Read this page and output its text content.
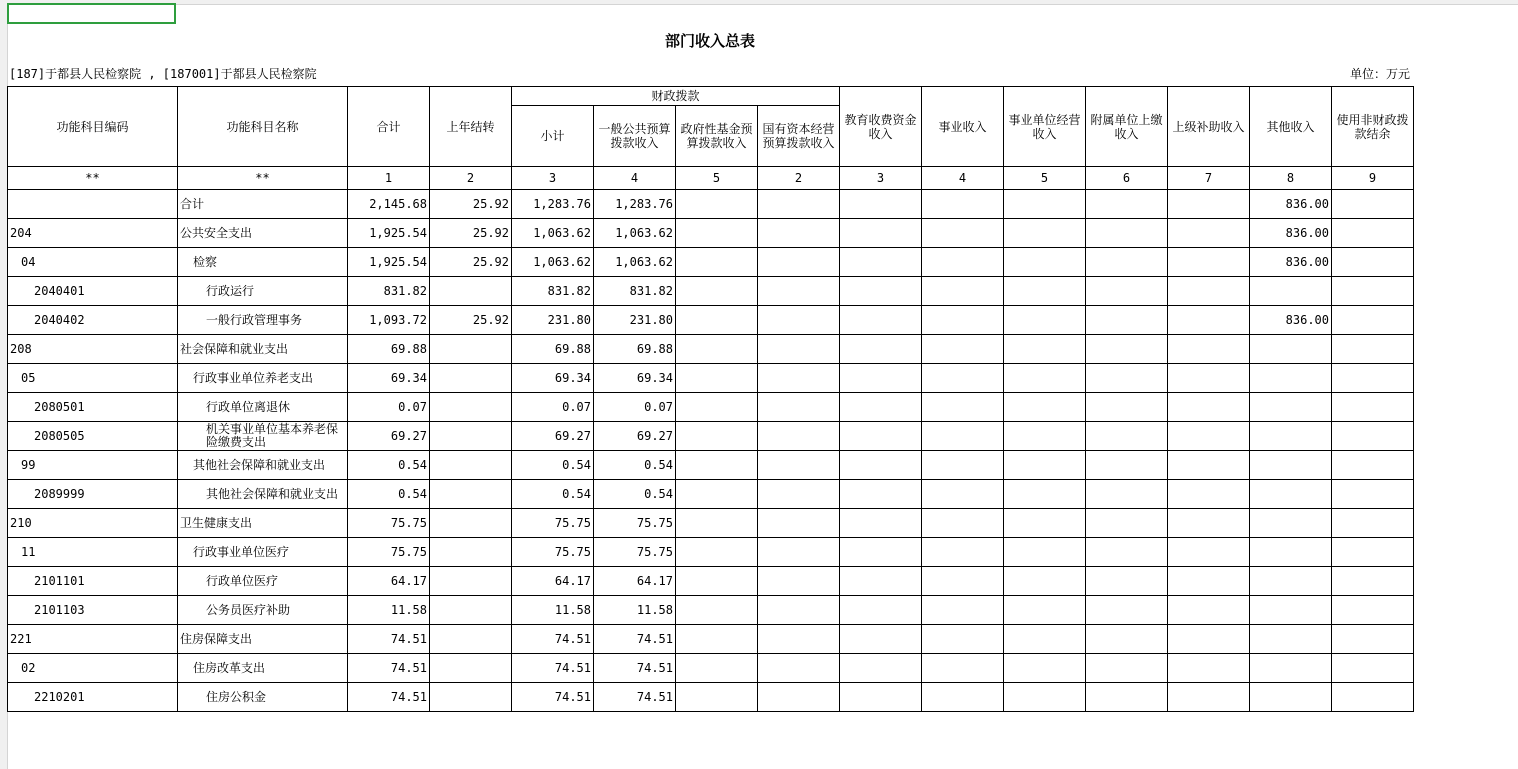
部门收入总表
[187]于都县人民检察院 , [187001]于都县人民检察院	单位：万元
功能科目编码	功能科目名称	合计	上年结转	财政拨款				教育收费资金收入	事业收入	事业单位经营收入	附属单位上缴收入	上级补助收入	其他收入	使用非财政拨款结余
				小计	一般公共预算拨款收入	政府性基金预算拨款收入	国有资本经营预算拨款收入							
**	**	1	2	3	4	5	2	3	4	5	6	7	8	9
	合计	2,145.68	25.92	1,283.76	1,283.76								836.00	
204	公共安全支出	1,925.54	25.92	1,063.62	1,063.62								836.00	
04	检察	1,925.54	25.92	1,063.62	1,063.62								836.00	
2040401	行政运行	831.82		831.82	831.82									
2040402	一般行政管理事务	1,093.72	25.92	231.80	231.80								836.00	
208	社会保障和就业支出	69.88		69.88	69.88									
05	行政事业单位养老支出	69.34		69.34	69.34									
2080501	行政单位离退休	0.07		0.07	0.07									
2080505	机关事业单位基本养老保险缴费支出	69.27		69.27	69.27									
99	其他社会保障和就业支出	0.54		0.54	0.54									
2089999	其他社会保障和就业支出	0.54		0.54	0.54									
210	卫生健康支出	75.75		75.75	75.75									
11	行政事业单位医疗	75.75		75.75	75.75									
2101101	行政单位医疗	64.17		64.17	64.17									
2101103	公务员医疗补助	11.58		11.58	11.58									
221	住房保障支出	74.51		74.51	74.51									
02	住房改革支出	74.51		74.51	74.51									
2210201	住房公积金	74.51		74.51	74.51									
